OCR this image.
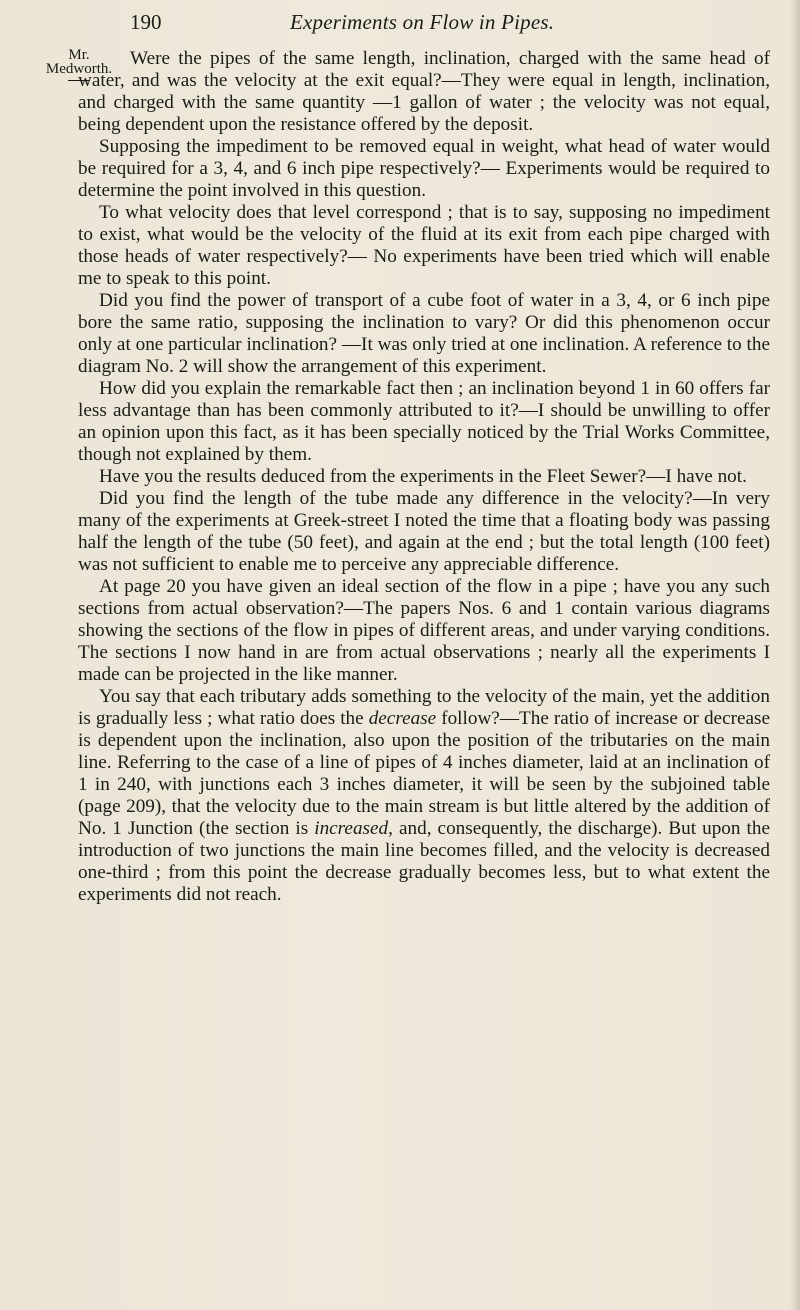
190	Experiments on Flow in Pipes.
Mr.
Medworth. Were the pipes of the same length, inclination, charged with the same head of water, and was the velocity at the exit equal?—They were equal in length, inclination, and charged with the same quantity —1 gallon of water ; the velocity was not equal, being dependent upon the resistance offered by the deposit.

Supposing the impediment to be removed equal in weight, what head of water would be required for a 3, 4, and 6 inch pipe respectively?— Experiments would be required to determine the point involved in this question.

To what velocity does that level correspond ; that is to say, supposing no impediment to exist, what would be the velocity of the fluid at its exit from each pipe charged with those heads of water respectively?— No experiments have been tried which will enable me to speak to this point.

Did you find the power of transport of a cube foot of water in a 3, 4, or 6 inch pipe bore the same ratio, supposing the inclination to vary? Or did this phenomenon occur only at one particular inclination? —It was only tried at one inclination. A reference to the diagram No. 2 will show the arrangement of this experiment.

How did you explain the remarkable fact then ; an inclination beyond 1 in 60 offers far less advantage than has been commonly attributed to it?—I should be unwilling to offer an opinion upon this fact, as it has been specially noticed by the Trial Works Committee, though not explained by them.

Have you the results deduced from the experiments in the Fleet Sewer?—I have not.

Did you find the length of the tube made any difference in the velocity?—In very many of the experiments at Greek-street I noted the time that a floating body was passing half the length of the tube (50 feet), and again at the end ; but the total length (100 feet) was not sufficient to enable me to perceive any appreciable difference.

At page 20 you have given an ideal section of the flow in a pipe ; have you any such sections from actual observation?—The papers Nos. 6 and 1 contain various diagrams showing the sections of the flow in pipes of different areas, and under varying conditions. The sections I now hand in are from actual observations ; nearly all the experiments I made can be projected in the like manner.

You say that each tributary adds something to the velocity of the main, yet the addition is gradually less ; what ratio does the decrease follow?—The ratio of increase or decrease is dependent upon the inclination, also upon the position of the tributaries on the main line. Referring to the case of a line of pipes of 4 inches diameter, laid at an inclination of 1 in 240, with junctions each 3 inches diameter, it will be seen by the subjoined table (page 209), that the velocity due to the main stream is but little altered by the addition of No. 1 Junction (the section is increased, and, consequently, the discharge). But upon the introduction of two junctions the main line becomes filled, and the velocity is decreased one-third ; from this point the decrease gradually becomes less, but to what extent the experiments did not reach.
